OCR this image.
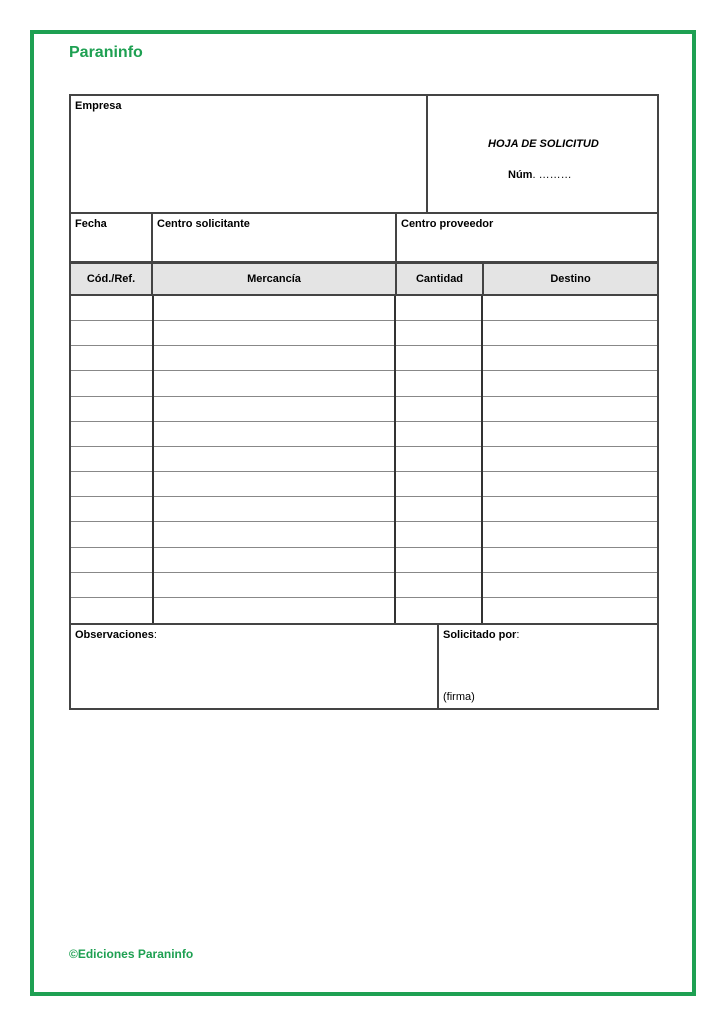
Paraninfo
Empresa
HOJA DE SOLICITUD
Núm. ………
Fecha	Centro solicitante	Centro proveedor
Cód./Ref.	Mercancía	Cantidad	Destino
Observaciones:	Solicitado por:
(firma)
©Ediciones Paraninfo
